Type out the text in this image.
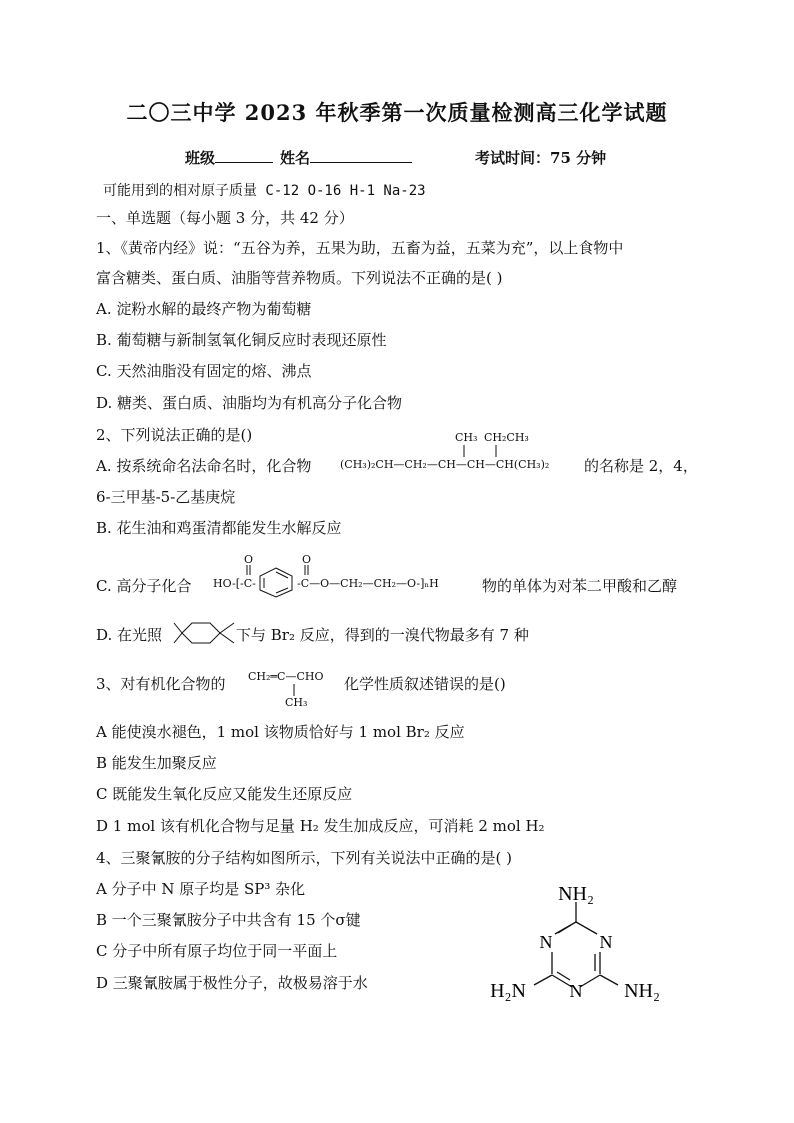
二〇三中学 2023 年秋季第一次质量检测高三化学试题
班级	姓名	考试时间：75 分钟
可能用到的相对原子质量 C-12 O-16 H-1 Na-23
一、单选题（每小题 3 分，共 42 分）
1、《黄帝内经》说：“五谷为养，五果为助，五畜为益，五菜为充”，以上食物中
富含糖类、蛋白质、油脂等营养物质。下列说法不正确的是( )
A. 淀粉水解的最终产物为葡萄糖
B. 葡萄糖与新制氢氧化铜反应时表现还原性
C. 天然油脂没有固定的熔、沸点
D. 糖类、蛋白质、油脂均为有机高分子化合物
2、下列说法正确的是()
A. 按系统命名法命名时，化合物
CH₃ CH₂CH₃
(CH₃)₂CH—CH₂—CH—CH—CH(CH₃)₂ 的名称是 2，4，
6-三甲基-5-乙基庚烷
B. 花生油和鸡蛋清都能发生水解反应
C. 高分子化合
O	O
HO-[-C-	-C—O—CH₂—CH₂—O-]ₙH	物的单体为对苯二甲酸和乙醇
D. 在光照	下与 Br₂ 反应，得到的一溴代物最多有 7 种
3、对有机化合物的 CH₂═C—CHO
CH₃
化学性质叙述错误的是()
A 能使溴水褪色，1 mol 该物质恰好与 1 mol Br₂ 反应
B 能发生加聚反应
C 既能发生氧化反应又能发生还原反应
D 1 mol 该有机化合物与足量 H₂ 发生加成反应，可消耗 2 mol H₂
4、三聚氰胺的分子结构如图所示，下列有关说法中正确的是( )
A 分子中 N 原子均是 SP³ 杂化
B 一个三聚氰胺分子中共含有 15 个σ键
C 分子中所有原子均位于同一平面上
D 三聚氰胺属于极性分子，故极易溶于水
NH₂
N	N
N
H₂N	NH₂
